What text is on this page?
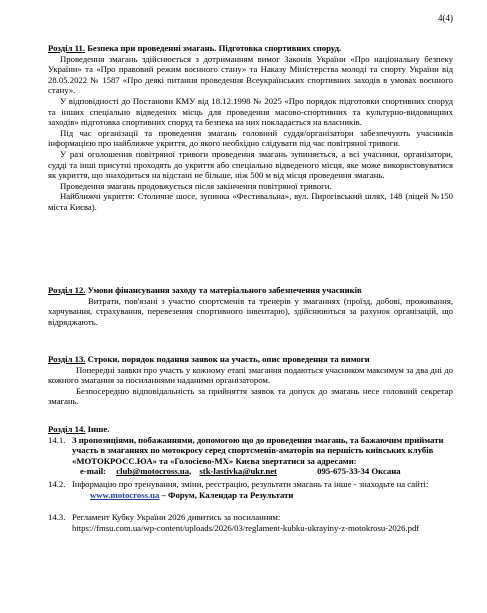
4(4)

Розділ 11. Безпека при проведенні змагань. Підготовка спортивних споруд.

Проведення змагань здійснюється з дотриманням вимог Законів України «Про національну безпеку України» та «Про правовий режим воєнного стану» та Наказу Міністерства молоді та спорту України від 28.05.2022 № 1587 «Про деякі питання проведення Всеукраїнських спортивних заходів в умовах воєнного стану».

У відповідності до Постанови КМУ від 18.12.1998 № 2025 «Про порядок підготовки спортивних споруд та інших спеціально відведених місць для проведення масово-спортивних та культурно-видовищних заходів» підготовка спортивних споруд та безпека на них покладається на власників.

Під час організації та проведення змагань головний суддя/організатори забезпечують учасників інформацією про найближче укриття, до якого необхідно слідувати під час повітряної тривоги.

У разі оголошення повітряної тривоги проведення змагань зупиняється, а всі учасники, організатори, судді та інші присутні проходять до укриття або спеціально відведеного місця, яке може використовуватися як укриття, що знаходиться на відстані не більше, ніж 500 м від місця проведення змагань.

Проведення змагань продовжується після закінчення повітряної тривоги.

Найближчі укриття: Столичне шосе, зупинка «Фестивальна», вул. Пирогівський шлях, 148 (ліцей №150 міста Києва).

Розділ 12. Умови фінансування заходу та матеріального забезпечення учасників

Витрати, пов'язані з участю спортсменів та тренерів у змаганнях (проїзд, добові, проживання, харчування, страхування, перевезення спортивного інвентарю), здійснюються за рахунок організацій, що відряджають.

Розділ 13. Строки, порядок подання заявок на участь, опис проведення та вимоги

Попередні заявки про участь у кожному етапі змагання подаються учасником максимум за два дні до кожного змагання за посиланнями наданими організатором.

Безпосередню відповідальність за прийняття заявок та допуск до змагань несе головний секретар змагань.

Розділ 14. Інше.

14.1. З пропозиціями, побажаннями, допомогою що до проведення змагань, та бажаючим приймати участь в змаганнях по мотокросу серед спортсменів-аматорів на першість київських клубів «МОТОКРОСС.ЮА» та «Голосієво-МХ» Києва звертатися за адресами:

e-mail: club@motocross.ua, stk-lastivka@ukr.net	095-675-33-34 Оксана

14.2. Інформацію про тренування, зміни, реєстрацію, результати змагань та інше - знаходьте на сайті: www.motocross.ua – Форум, Календар та Результати

14.3. Регламент Кубку України 2026 дивитись за посиланням:

https://fmsu.com.ua/wp-content/uploads/2026/03/reglament-kubku-ukrayiny-z-motokrosu-2026.pdf
